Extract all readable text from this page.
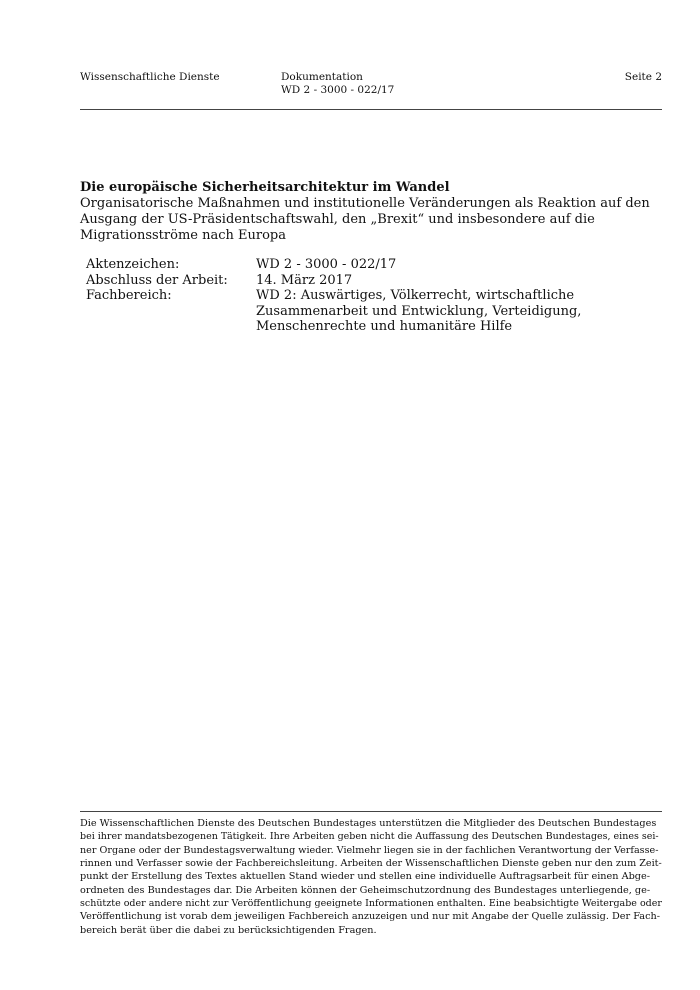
Wissenschaftliche Dienste	Dokumentation
WD 2 - 3000 - 022/17
Seite 2
Die europäische Sicherheitsarchitektur im Wandel
Organisatorische Maßnahmen und institutionelle Veränderungen als Reaktion auf den Ausgang der US-Präsidentschaftswahl, den „Brexit“ und insbesondere auf die Migrationsströme nach Europa
Aktenzeichen:	WD 2 - 3000 - 022/17
Abschluss der Arbeit:	14. März 2017
Fachbereich:	WD 2: Auswärtiges, Völkerrecht, wirtschaftliche Zusammenarbeit und Entwicklung, Verteidigung, Menschenrechte und humanitäre Hilfe
Die Wissenschaftlichen Dienste des Deutschen Bundestages unterstützen die Mitglieder des Deutschen Bundestages
bei ihrer mandatsbezogenen Tätigkeit. Ihre Arbeiten geben nicht die Auffassung des Deutschen Bundestages, eines sei-
ner Organe oder der Bundestagsverwaltung wieder. Vielmehr liegen sie in der fachlichen Verantwortung der Verfasse-
rinnen und Verfasser sowie der Fachbereichsleitung. Arbeiten der Wissenschaftlichen Dienste geben nur den zum Zeit-
punkt der Erstellung des Textes aktuellen Stand wieder und stellen eine individuelle Auftragsarbeit für einen Abge-
ordneten des Bundestages dar. Die Arbeiten können der Geheimschutzordnung des Bundestages unterliegende, ge-
schützte oder andere nicht zur Veröffentlichung geeignete Informationen enthalten. Eine beabsichtigte Weitergabe oder
Veröffentlichung ist vorab dem jeweiligen Fachbereich anzuzeigen und nur mit Angabe der Quelle zulässig. Der Fach-
bereich berät über die dabei zu berücksichtigenden Fragen.
